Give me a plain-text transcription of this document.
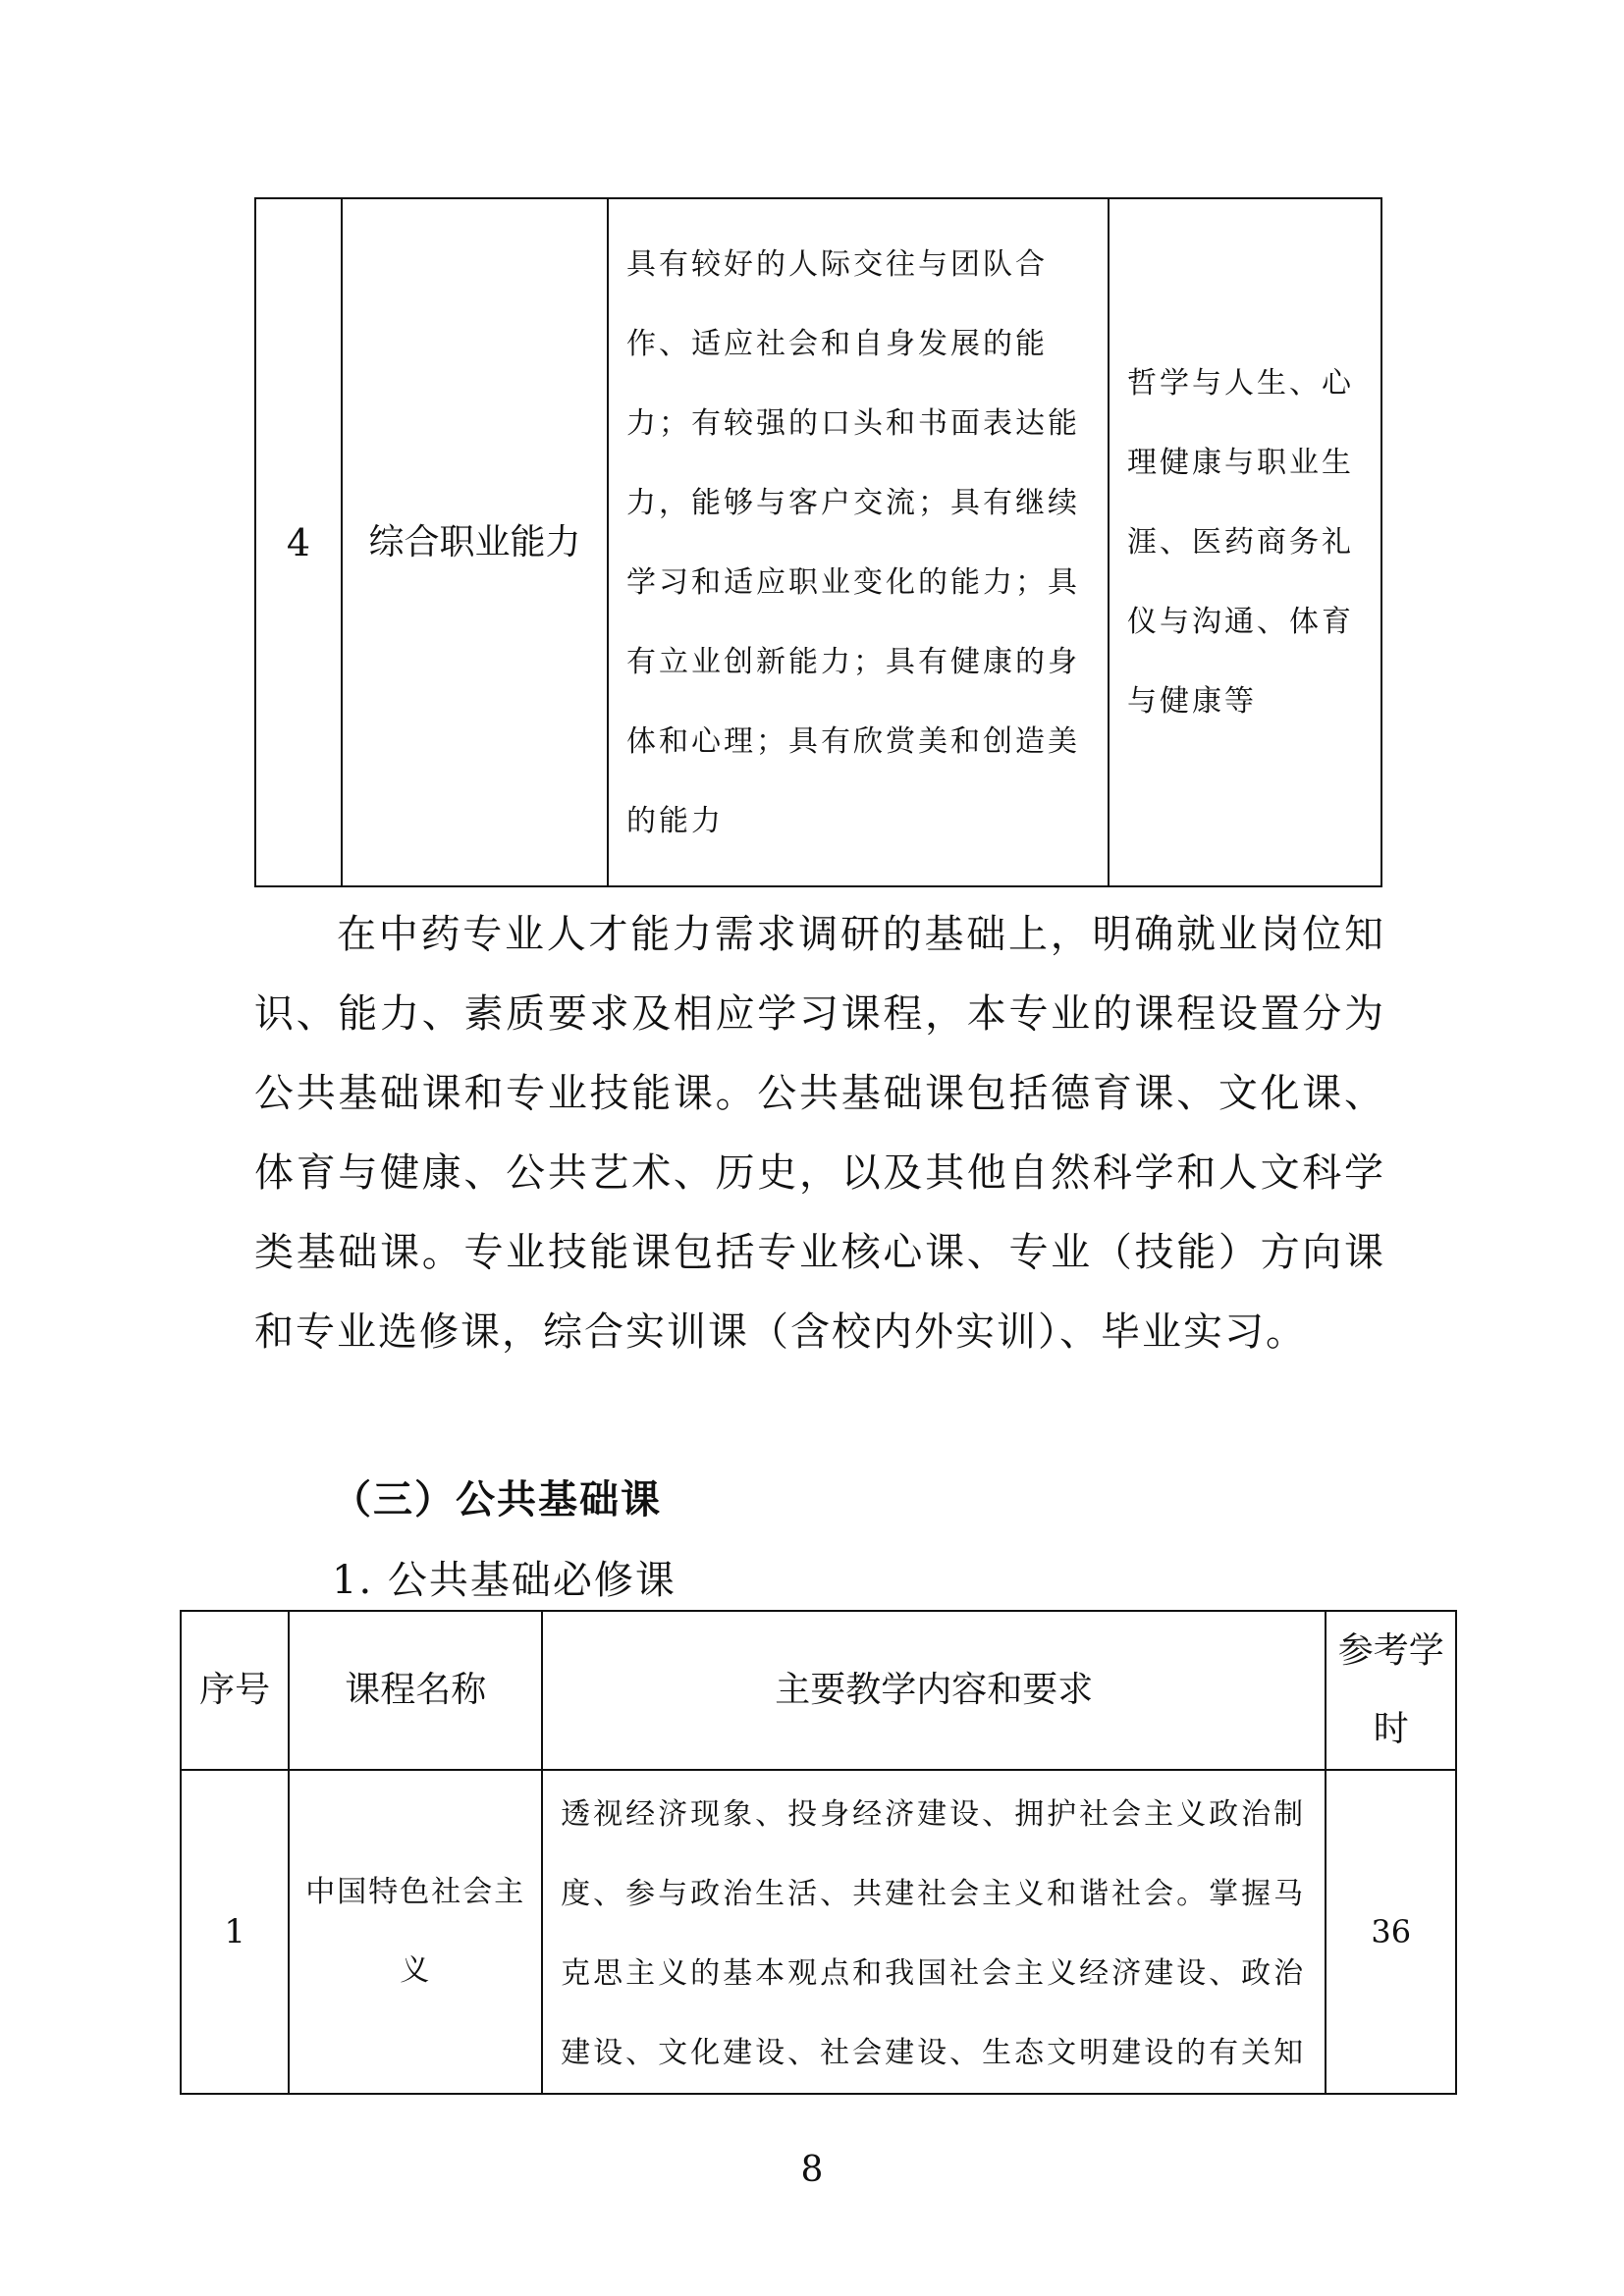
4	综合职业能力	具有较好的人际交往与团队合作、适应社会和自身发展的能力；有较强的口头和书面表达能力，能够与客户交流；具有继续学习和适应职业变化的能力；具有立业创新能力；具有健康的身体和心理；具有欣赏美和创造美的能力	哲学与人生、心理健康与职业生涯、医药商务礼仪与沟通、体育与健康等

在中药专业人才能力需求调研的基础上，明确就业岗位知识、能力、素质要求及相应学习课程，本专业的课程设置分为公共基础课和专业技能课。公共基础课包括德育课、文化课、体育与健康、公共艺术、历史，以及其他自然科学和人文科学类基础课。专业技能课包括专业核心课、专业（技能）方向课和专业选修课，综合实训课（含校内外实训）、毕业实习。

（三）公共基础课

1. 公共基础必修课

序号	课程名称	主要教学内容和要求	参考学时
1	中国特色社会主义	透视经济现象、投身经济建设、拥护社会主义政治制度、参与政治生活、共建社会主义和谐社会。掌握马克思主义的基本观点和我国社会主义经济建设、政治建设、文化建设、社会建设、生态文明建设的有关知	36
8
